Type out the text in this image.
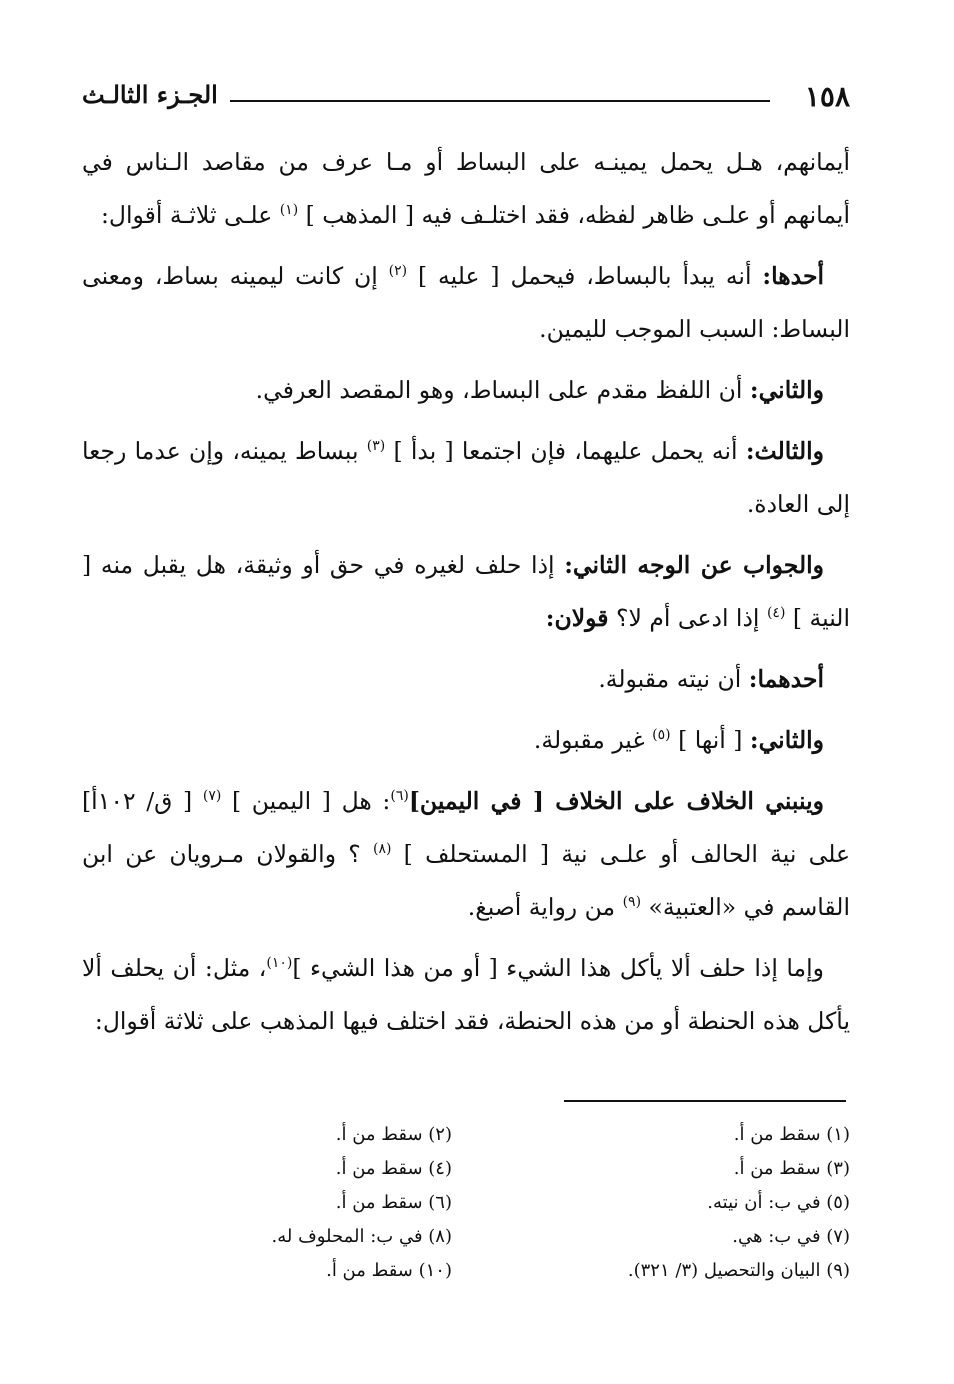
١٥٨
الجـزء الثالـث

أيمانهم، هـل يحمل يمينـه على البساط أو مـا عرف من مقاصد الـناس في أيمانهم أو علـى ظاهر لفظه، فقد اختلـف فيه [ المذهب ] $^{(١)}$ علـى ثلاثـة أقوال:

أحدها: أنه يبدأ بالبساط، فيحمل [ عليه ] $^{(٢)}$ إن كانت ليمينه بساط، ومعنى البساط: السبب الموجب لليمين.

والثاني: أن اللفظ مقدم على البساط، وهو المقصد العرفي.

والثالث: أنه يحمل عليهما، فإن اجتمعا [ بدأ ] $^{(٣)}$ ببساط يمينه، وإن عدما رجعا إلى العادة.

والجواب عن الوجه الثاني: إذا حلف لغيره في حق أو وثيقة، هل يقبل منه [ النية ] $^{(٤)}$ إذا ادعى أم لا؟ قولان:

أحدهما: أن نيته مقبولة.

والثاني: [ أنها ] $^{(٥)}$ غير مقبولة.

وينبني الخلاف على الخلاف [ في اليمين]$^{(٦)}$: هل [ اليمين ] $^{(٧)}$ [ ق/ ١٠٢أ] على نية الحالف أو علـى نية [ المستحلف ] $^{(٨)}$ ؟ والقولان مـرويان عن ابن القاسم في «العتبية» $^{(٩)}$ من رواية أصبغ.

وإما إذا حلف ألا يأكل هذا الشيء [ أو من هذا الشيء ]$^{(١٠)}$، مثل: أن يحلف ألا يأكل هذه الحنطة أو من هذه الحنطة، فقد اختلف فيها المذهب على ثلاثة أقوال:

(١) سقط من أ.
(٢) سقط من أ.
(٣) سقط من أ.
(٤) سقط من أ.
(٥) في ب: أن نيته.
(٦) سقط من أ.
(٧) في ب: هي.
(٨) في ب: المحلوف له.
(٩) البيان والتحصيل (٣/ ٣٢١).
(١٠) سقط من أ.
